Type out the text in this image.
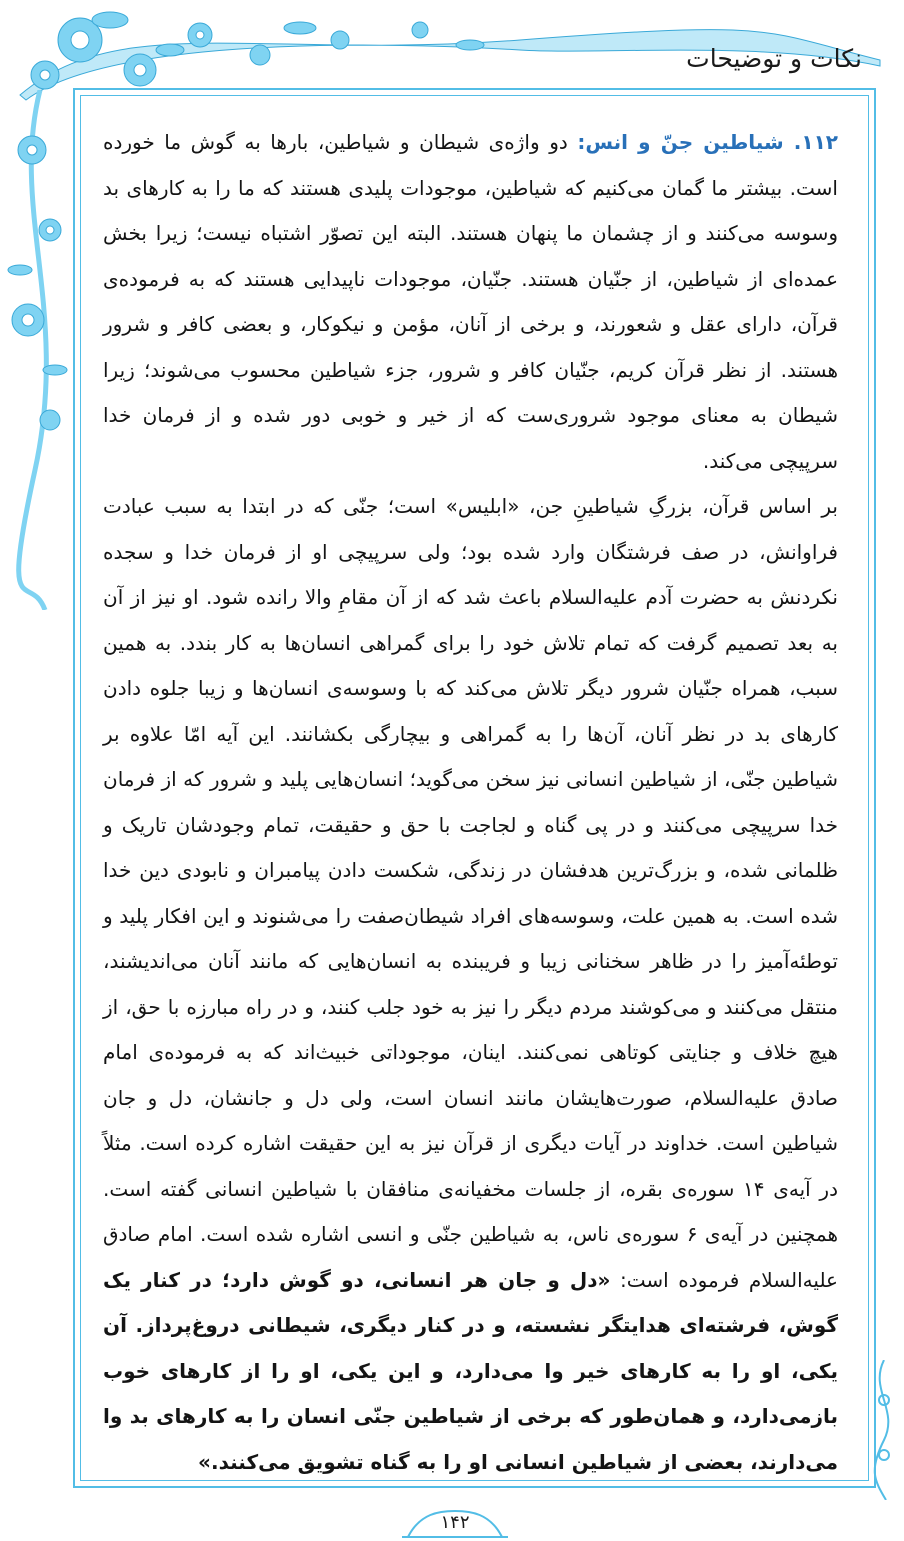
نکات و توضیحات

۱۱۲. شیاطین جنّ و انس: دو واژه‌ی شیطان و شیاطین، بارها به گوش ما خورده است. بیشتر ما گمان می‌کنیم که شیاطین، موجودات پلیدی هستند که ما را به کارهای بد وسوسه می‌کنند و از چشمان ما پنهان هستند. البته این تصوّر اشتباه نیست؛ زیرا بخش عمده‌ای از شیاطین، از جنّیان هستند. جنّیان، موجودات ناپیدایی هستند که به فرموده‌ی قرآن، دارای عقل و شعورند، و برخی از آنان، مؤمن و نیکوکار، و بعضی کافر و شرور هستند. از نظر قرآن کریم، جنّیان کافر و شرور، جزء شیاطین محسوب می‌شوند؛ زیرا شیطان به معنای موجود شروری‌ست که از خیر و خوبی دور شده و از فرمان خدا سرپیچی می‌کند.

بر اساس قرآن، بزرگِ شیاطینِ جن، «ابلیس» است؛ جنّی که در ابتدا به سبب عبادت فراوانش، در صف فرشتگان وارد شده بود؛ ولی سرپیچی او از فرمان خدا و سجده نکردنش به حضرت آدم علیه‌السلام باعث شد که از آن مقامِ والا رانده شود. او نیز از آن به بعد تصمیم گرفت که تمام تلاش خود را برای گمراهی انسان‌ها به کار بندد. به همین سبب، همراه جنّیان شرور دیگر تلاش می‌کند که با وسوسه‌ی انسان‌ها و زیبا جلوه دادن کارهای بد در نظر آنان، آن‌ها را به گمراهی و بیچارگی بکشانند. این آیه امّا علاوه بر شیاطین جنّی، از شیاطین انسانی نیز سخن می‌گوید؛ انسان‌هایی پلید و شرور که از فرمان خدا سرپیچی می‌کنند و در پی گناه و لجاجت با حق و حقیقت، تمام وجودشان تاریک و ظلمانی شده، و بزرگ‌ترین هدفشان در زندگی، شکست دادن پیامبران و نابودی دین خدا شده است. به همین علت، وسوسه‌های افراد شیطان‌صفت را می‌شنوند و این افکار پلید و توطئه‌آمیز را در ظاهر سخنانی زیبا و فریبنده به انسان‌هایی که مانند آنان می‌اندیشند، منتقل می‌کنند و می‌کوشند مردم دیگر را نیز به خود جلب کنند، و در راه مبارزه با حق، از هیچ خلاف و جنایتی کوتاهی نمی‌کنند. اینان، موجوداتی خبیث‌اند که به فرموده‌ی امام صادق علیه‌السلام، صورت‌هایشان مانند انسان است، ولی دل و جانشان، دل و جان شیاطین است. خداوند در آیات دیگری از قرآن نیز به این حقیقت اشاره کرده است. مثلاً در آیه‌ی ۱۴ سوره‌ی بقره، از جلسات مخفیانه‌ی منافقان با شیاطین انسانی گفته است. همچنین در آیه‌ی ۶ سوره‌ی ناس، به شیاطین جنّی و انسی اشاره شده است. امام صادق علیه‌السلام فرموده است: «دل و جان هر انسانی، دو گوش دارد؛ در کنار یک گوش، فرشته‌ای هدایتگر نشسته، و در کنار دیگری، شیطانی دروغ‌پرداز. آن یکی، او را به کارهای خیر وا می‌دارد، و این یکی، او را از کارهای خوب بازمی‌دارد، و همان‌طور که برخی از شیاطین جنّی انسان را به کارهای بد وا می‌دارند، بعضی از شیاطین انسانی او را به گناه تشویق می‌کنند.»

۱۴۲
